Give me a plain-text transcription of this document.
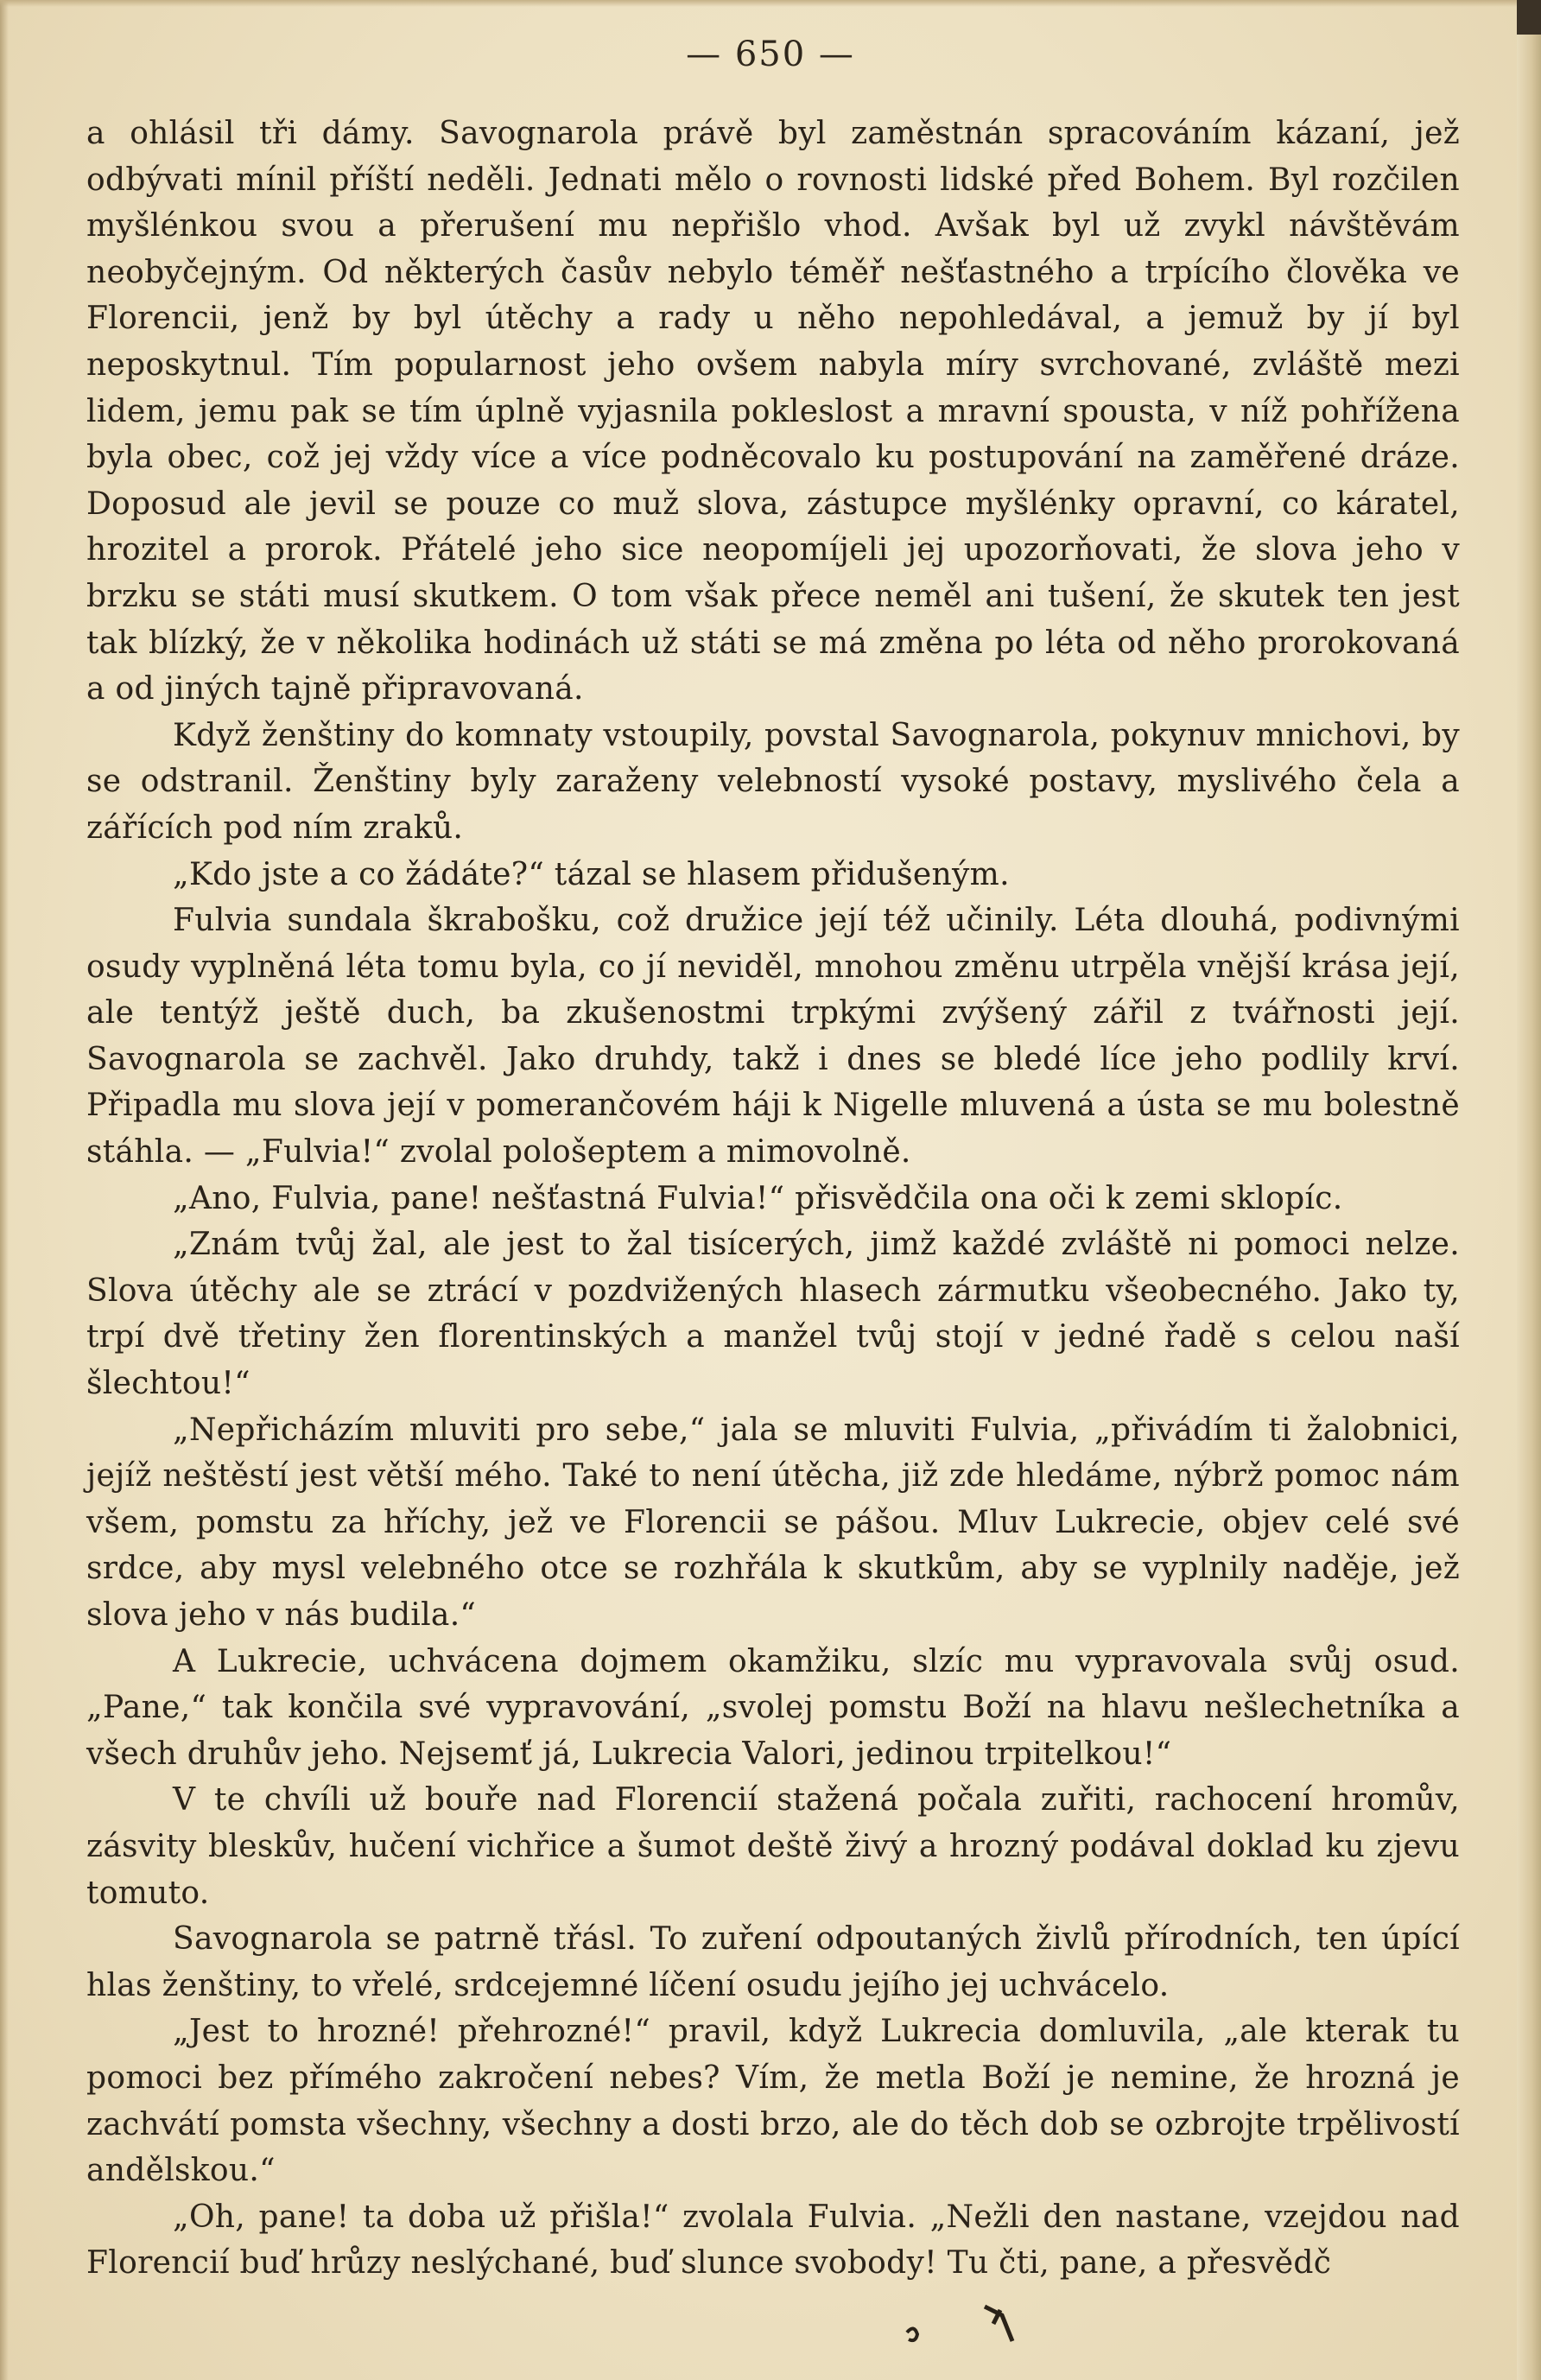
— 650 —

a ohlásil tři dámy. Savognarola právě byl zaměstnán spracováním kázaní, jež odbývati mínil příští neděli. Jednati mělo o rovnosti lidské před Bohem. Byl rozčilen myšlénkou svou a přerušení mu nepřišlo vhod. Avšak byl už zvykl návštěvám neobyčejným. Od některých časův nebylo téměř nešťastného a trpícího člověka ve Florencii, jenž by byl útěchy a rady u něho nepohledával, a jemuž by jí byl neposkytnul. Tím popularnost jeho ovšem nabyla míry svrchované, zvláště mezi lidem, jemu pak se tím úplně vyjasnila pokleslost a mravní spousta, v níž pohřížena byla obec, což jej vždy více a více podněcovalo ku postupování na zaměřené dráze. Doposud ale jevil se pouze co muž slova, zástupce myšlénky opravní, co káratel, hrozitel a prorok. Přátelé jeho sice neopomíjeli jej upozorňovati, že slova jeho v brzku se státi musí skutkem. O tom však přece neměl ani tušení, že skutek ten jest tak blízký, že v několika hodinách už státi se má změna po léta od něho prorokovaná a od jiných tajně připravovaná.

Když ženštiny do komnaty vstoupily, povstal Savognarola, pokynuv mnichovi, by se odstranil. Ženštiny byly zaraženy velebností vysoké postavy, myslivého čela a zářících pod ním zraků.

„Kdo jste a co žádáte?“ tázal se hlasem přidušeným.

Fulvia sundala škrabošku, což družice její též učinily. Léta dlouhá, podivnými osudy vyplněná léta tomu byla, co jí neviděl, mnohou změnu utrpěla vnější krása její, ale tentýž ještě duch, ba zkušenostmi trpkými zvýšený zářil z tvářnosti její. Savognarola se zachvěl. Jako druhdy, takž i dnes se bledé líce jeho podlily krví. Připadla mu slova její v pomerančovém háji k Nigelle mluvená a ústa se mu bolestně stáhla. — „Fulvia!“ zvolal pološeptem a mimovolně.

„Ano, Fulvia, pane! nešťastná Fulvia!“ přisvědčila ona oči k zemi sklopíc.

„Znám tvůj žal, ale jest to žal tisícerých, jimž každé zvláště ni pomoci nelze. Slova útěchy ale se ztrácí v pozdvižených hlasech zármutku všeobecného. Jako ty, trpí dvě třetiny žen florentinských a manžel tvůj stojí v jedné řadě s celou naší šlechtou!“

„Nepřicházím mluviti pro sebe,“ jala se mluviti Fulvia, „přivádím ti žalobnici, jejíž neštěstí jest větší mého. Také to není útěcha, již zde hledáme, nýbrž pomoc nám všem, pomstu za hříchy, jež ve Florencii se pášou. Mluv Lukrecie, objev celé své srdce, aby mysl velebného otce se rozhřála k skutkům, aby se vyplnily naděje, jež slova jeho v nás budila.“

A Lukrecie, uchvácena dojmem okamžiku, slzíc mu vypravovala svůj osud. „Pane,“ tak končila své vypravování, „svolej pomstu Boží na hlavu nešlechetníka a všech druhův jeho. Nejsemť já, Lukrecia Valori, jedinou trpitelkou!“

V te chvíli už bouře nad Florencií stažená počala zuřiti, rachocení hromův, zásvity bleskův, hučení vichřice a šumot deště živý a hrozný podával doklad ku zjevu tomuto.

Savognarola se patrně třásl. To zuření odpoutaných živlů přírodních, ten úpící hlas ženštiny, to vřelé, srdcejemné líčení osudu jejího jej uchvácelo.

„Jest to hrozné! přehrozné!“ pravil, když Lukrecia domluvila, „ale kterak tu pomoci bez přímého zakročení nebes? Vím, že metla Boží je nemine, že hrozná je zachvátí pomsta všechny, všechny a dosti brzo, ale do těch dob se ozbrojte trpělivostí andělskou.“

„Oh, pane! ta doba už přišla!“ zvolala Fulvia. „Nežli den nastane, vzejdou nad Florencií buď hrůzy neslýchané, buď slunce svobody! Tu čti, pane, a přesvědč
